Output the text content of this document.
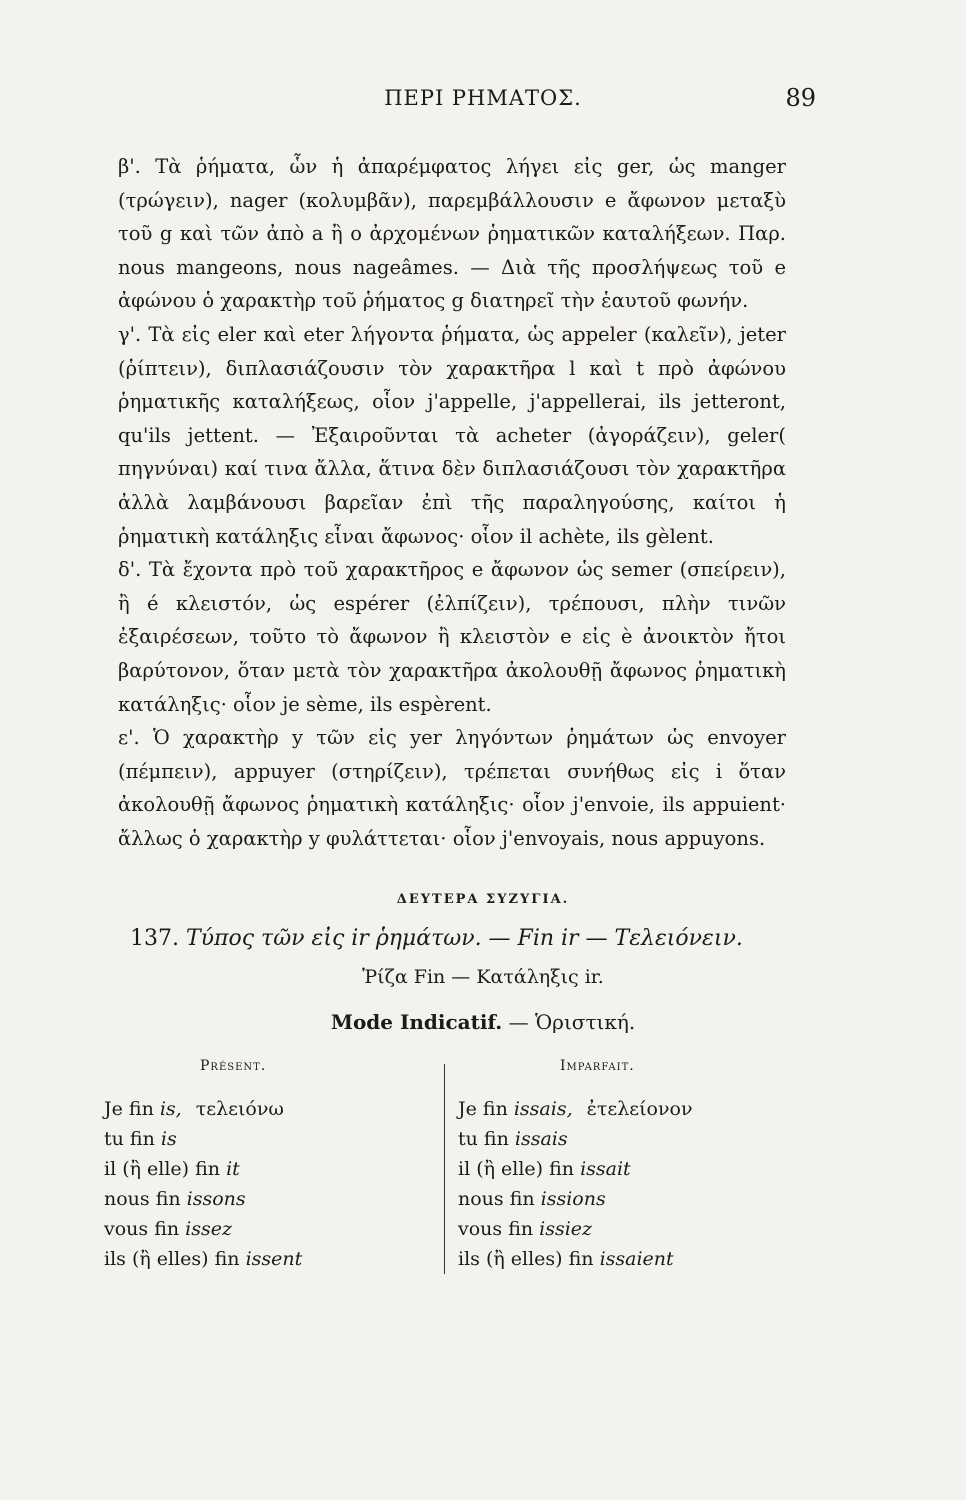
ΠΕΡΙ ΡΗΜΑΤΟΣ.	89

β'. Τὰ ῥήματα, ὧν ἡ ἀπαρέμφατος λήγει εἰς ger, ὡς manger (τρώγειν), nager (κολυμβᾶν), παρεμβάλλουσιν e ἄφωνον μεταξὺ τοῦ g καὶ τῶν ἀπὸ a ἢ o ἀρχομένων ῥηματικῶν καταλήξεων. Παρ. nous mangeons, nous nageâmes. — Διὰ τῆς προσλήψεως τοῦ e ἀφώνου ὁ χαρακτὴρ τοῦ ῥήματος g διατηρεῖ τὴν ἑαυτοῦ φωνήν.

γ'. Τὰ εἰς eler καὶ eter λήγοντα ῥήματα, ὡς appeler (καλεῖν), jeter (ῥίπτειν), διπλασιάζουσιν τὸν χαρακτῆρα l καὶ t πρὸ ἀφώνου ῥηματικῆς καταλήξεως, οἷον j'appelle, j'appellerai, ils jetteront, qu'ils jettent. — Ἐξαιροῦνται τὰ acheter (ἀγοράζειν), geler( πηγνύναι) καί τινα ἄλλα, ἅτινα δὲν διπλασιάζουσι τὸν χαρακτῆρα ἀλλὰ λαμβάνουσι βαρεῖαν ἐπὶ τῆς παραληγούσης, καίτοι ἡ ῥηματικὴ κατάληξις εἶναι ἄφωνος· οἷον il achète, ils gèlent.

δ'. Τὰ ἔχοντα πρὸ τοῦ χαρακτῆρος e ἄφωνον ὡς semer (σπείρειν), ἢ é κλειστόν, ὡς espérer (ἐλπίζειν), τρέπουσι, πλὴν τινῶν ἐξαιρέσεων, τοῦτο τὸ ἄφωνον ἢ κλειστὸν e εἰς è ἀνοικτὸν ἤτοι βαρύτονον, ὅταν μετὰ τὸν χαρακτῆρα ἀκολουθῇ ἄφωνος ῥηματικὴ κατάληξις· οἷον je sème, ils espèrent.

ε'. Ὁ χαρακτὴρ y τῶν εἰς yer ληγόντων ῥημάτων ὡς envoyer (πέμπειν), appuyer (στηρίζειν), τρέπεται συνήθως εἰς i ὅταν ἀκολουθῇ ἄφωνος ῥηματικὴ κατάληξις· οἷον j'envoie, ils appuient· ἄλλως ὁ χαρακτὴρ y φυλάττεται· οἷον j'envoyais, nous appuyons.

ΔΕΥΤΕΡΑ ΣΥΖΥΓΙΑ.
137. Τύπος τῶν εἰς ir ῥημάτων. — Fin ir — Τελειόνειν.
Ῥίζα Fin — Κατάληξις ir.
Mode Indicatif. — Ὁριστική.
Présent.	Imparfait.
Je fin is, τελειόνω
tu fin is
il (ἢ elle) fin it
nous fin issons
vous fin issez
ils (ἢ elles) fin issent
Je fin issais, ἐτελείονον
tu fin issais
il (ἢ elle) fin issait
nous fin issions
vous fin issiez
ils (ἢ elles) fin issaient
